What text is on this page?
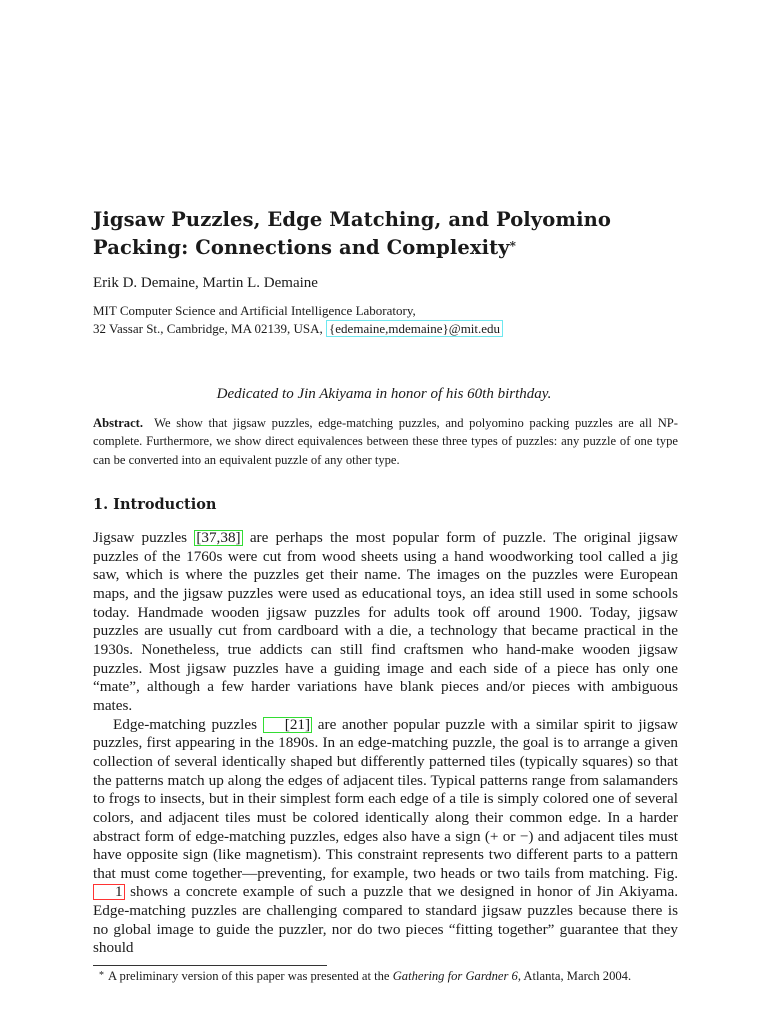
Jigsaw Puzzles, Edge Matching, and Polyomino
Packing: Connections and Complexity*
Erik D. Demaine, Martin L. Demaine
MIT Computer Science and Artificial Intelligence Laboratory,
32 Vassar St., Cambridge, MA 02139, USA, {edemaine,mdemaine}@mit.edu
Dedicated to Jin Akiyama in honor of his 60th birthday.
Abstract. We show that jigsaw puzzles, edge-matching puzzles, and polyomino packing puzzles are all NP-complete. Furthermore, we show direct equivalences between these three types of puzzles: any puzzle of one type can be converted into an equivalent puzzle of any other type.
1. Introduction

Jigsaw puzzles [37,38] are perhaps the most popular form of puzzle. The original jigsaw puzzles of the 1760s were cut from wood sheets using a hand woodworking tool called a jig saw, which is where the puzzles get their name. The images on the puzzles were European maps, and the jigsaw puzzles were used as educational toys, an idea still used in some schools today. Handmade wooden jigsaw puzzles for adults took off around 1900. Today, jigsaw puzzles are usually cut from cardboard with a die, a technology that became practical in the 1930s. Nonetheless, true addicts can still find craftsmen who hand-make wooden jigsaw puzzles. Most jigsaw puzzles have a guiding image and each side of a piece has only one “mate”, although a few harder variations have blank pieces and/or pieces with ambiguous mates.

Edge-matching puzzles [21] are another popular puzzle with a similar spirit to jigsaw puzzles, first appearing in the 1890s. In an edge-matching puzzle, the goal is to arrange a given collection of several identically shaped but differently patterned tiles (typically squares) so that the patterns match up along the edges of adjacent tiles. Typical patterns range from salamanders to frogs to insects, but in their simplest form each edge of a tile is simply colored one of several colors, and adjacent tiles must be colored identically along their common edge. In a harder abstract form of edge-matching puzzles, edges also have a sign (+ or −) and adjacent tiles must have opposite sign (like magnetism). This constraint represents two different parts to a pattern that must come together—preventing, for example, two heads or two tails from matching. Fig. 1 shows a concrete example of such a puzzle that we designed in honor of Jin Akiyama. Edge-matching puzzles are challenging compared to standard jigsaw puzzles because there is no global image to guide the puzzler, nor do two pieces “fitting together” guarantee that they should

* A preliminary version of this paper was presented at the Gathering for Gardner 6, Atlanta, March 2004.
